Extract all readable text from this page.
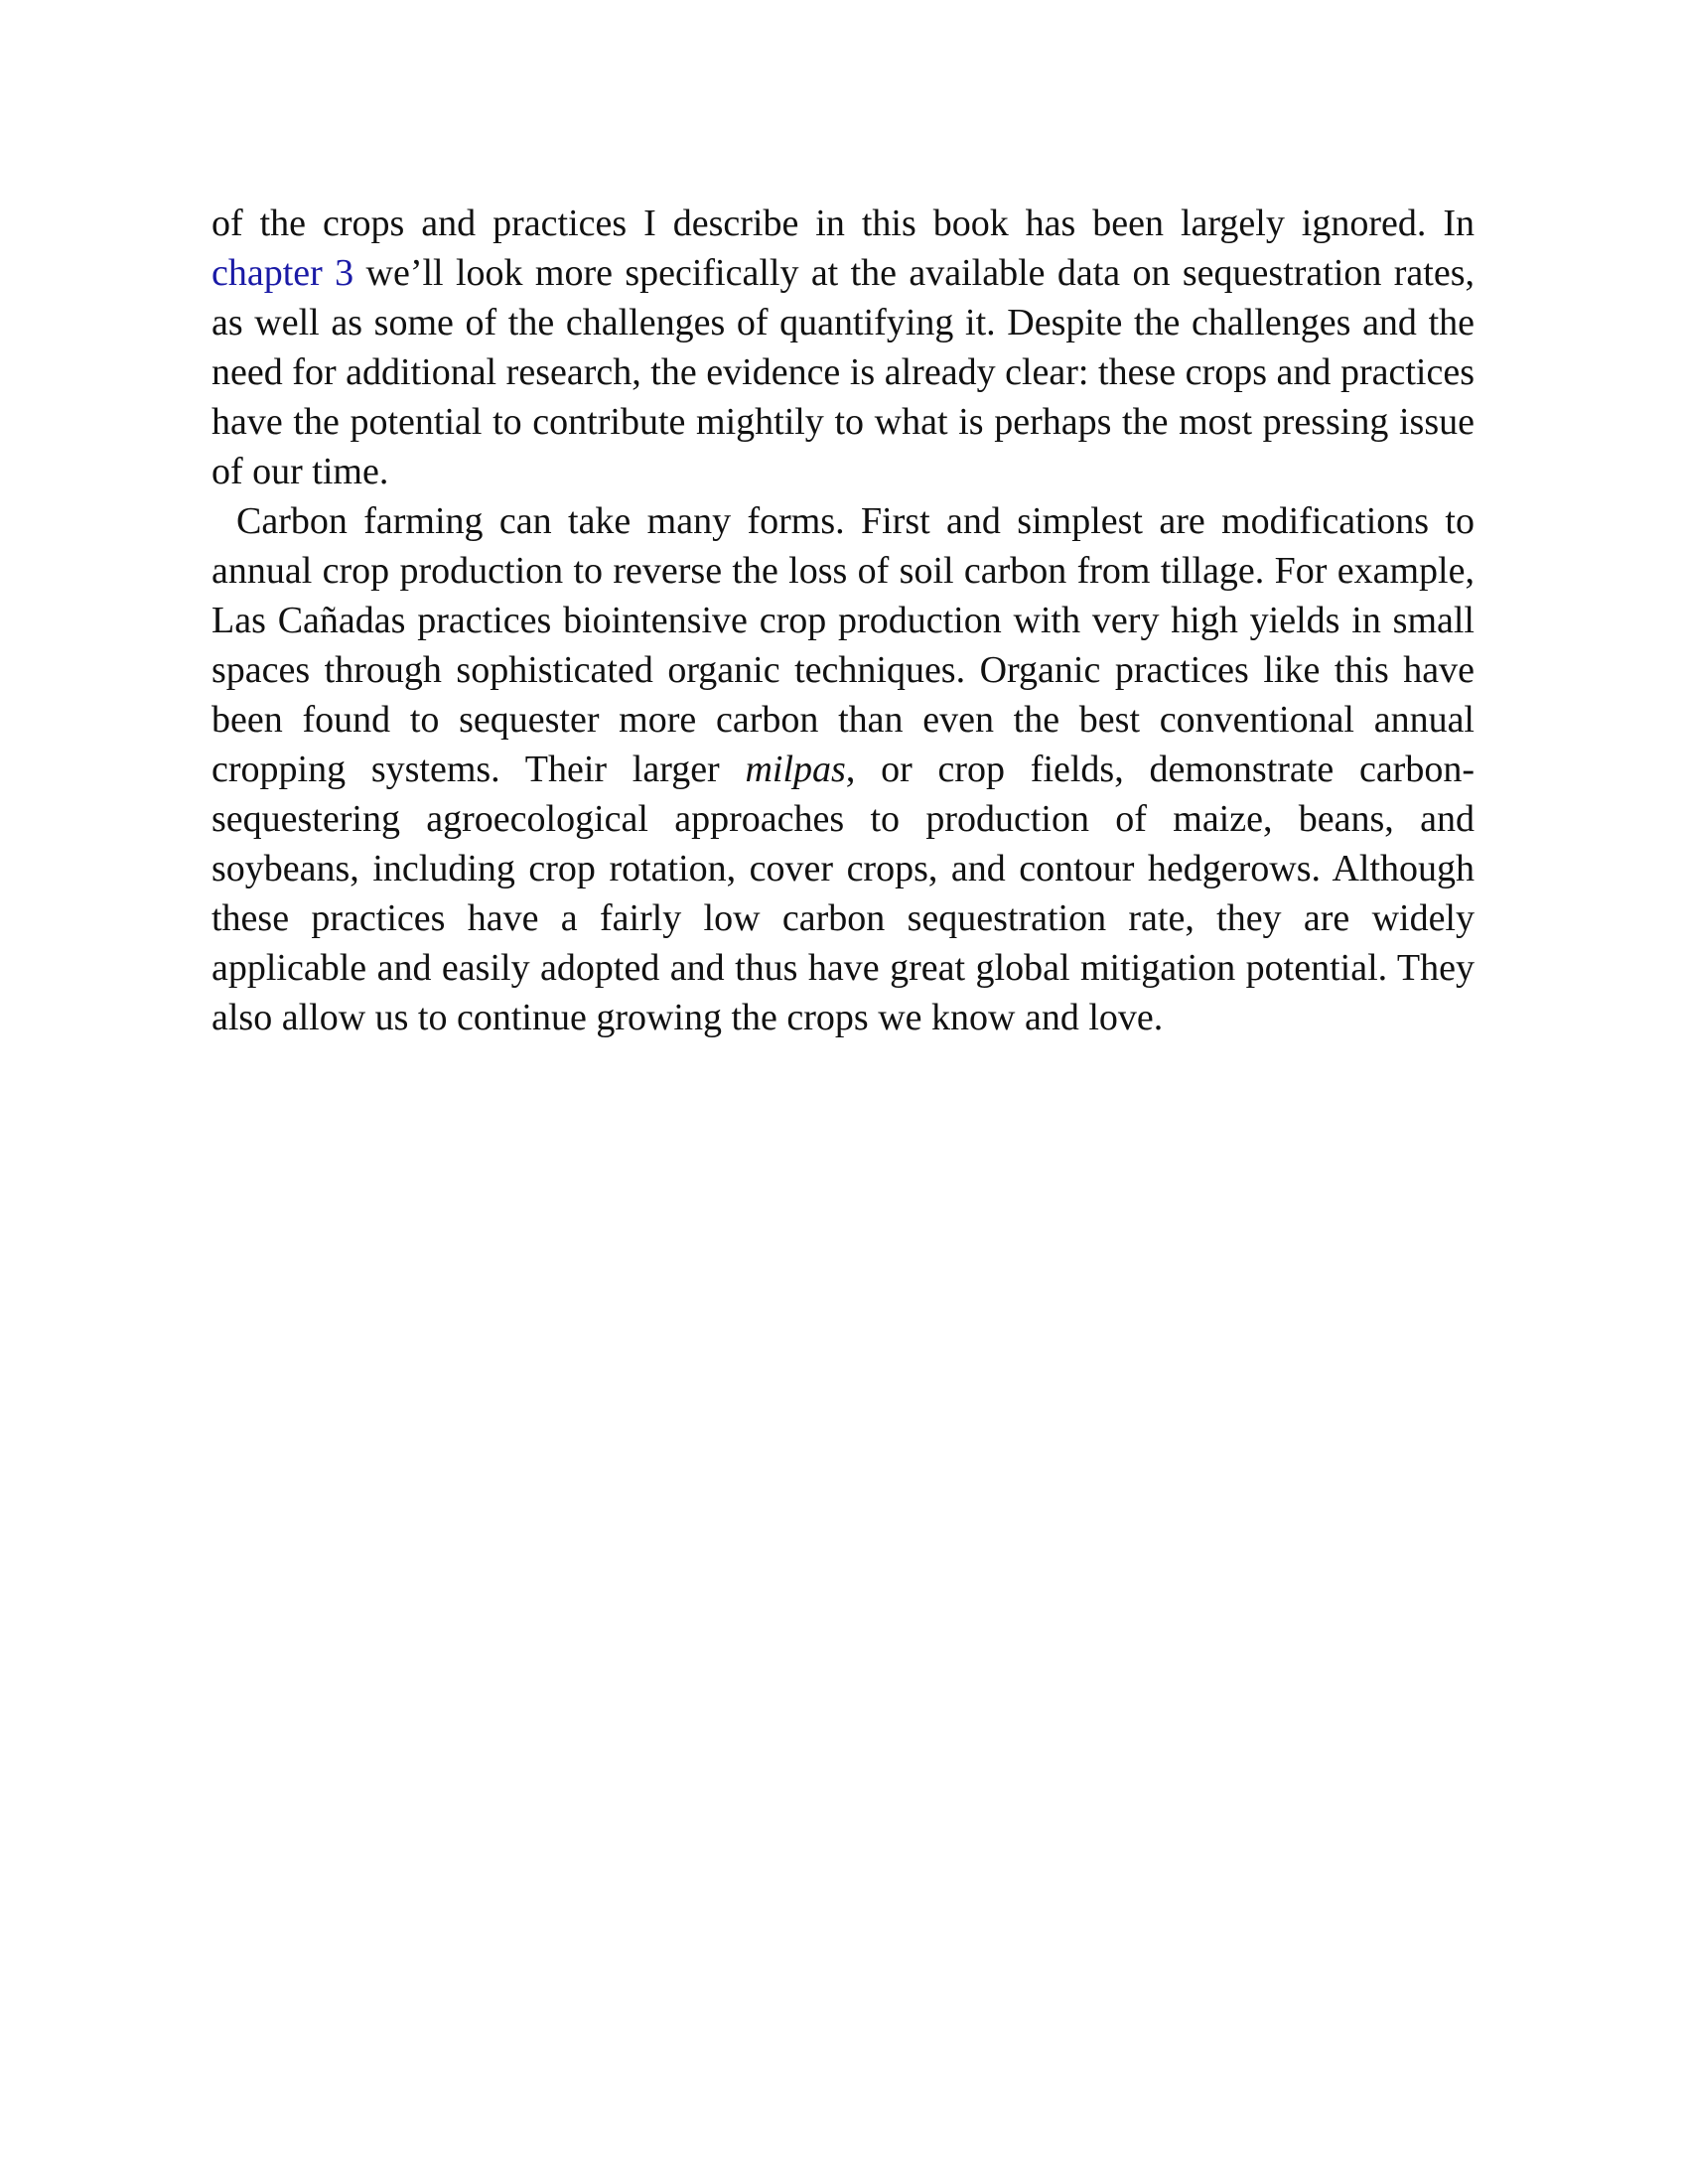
of the crops and practices I describe in this book has been largely ignored. In chapter 3 we’ll look more specifically at the available data on sequestration rates, as well as some of the challenges of quantifying it. Despite the challenges and the need for additional research, the evidence is already clear: these crops and practices have the potential to contribute mightily to what is perhaps the most pressing issue of our time.

Carbon farming can take many forms. First and simplest are modifications to annual crop production to reverse the loss of soil carbon from tillage. For example, Las Cañadas practices biointensive crop production with very high yields in small spaces through sophisticated organic techniques. Organic practices like this have been found to sequester more carbon than even the best conventional annual cropping systems. Their larger milpas, or crop fields, demonstrate carbon-sequestering agroecological approaches to production of maize, beans, and soybeans, including crop rotation, cover crops, and contour hedgerows. Although these practices have a fairly low carbon sequestration rate, they are widely applicable and easily adopted and thus have great global mitigation potential. They also allow us to continue growing the crops we know and love.
